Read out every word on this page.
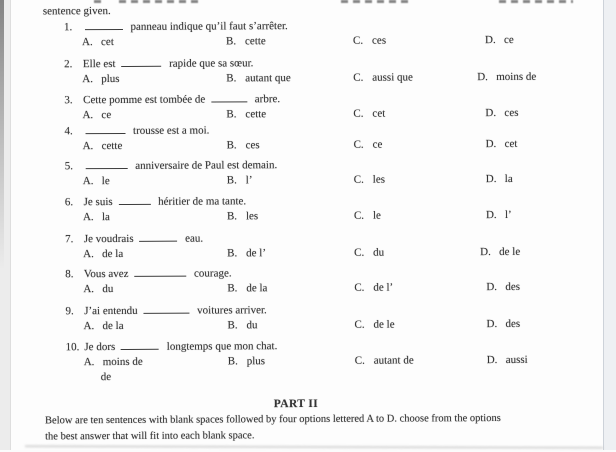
sentence given.
1.	panneau indique qu’il faut s’arrêter.
A. cet	B. cette	C. ces	D. ce
2. Elle est	rapide que sa sœur.
A. plus	B. autant que	C. aussi que	D. moins de
3. Cette pomme est tombée de	arbre.
A. ce	B. cette	C. cet	D. ces
4.	trousse est a moi.
A. cette	B. ces	C. ce	D. cet
5.	anniversaire de Paul est demain.
A. le	B. l’	C. les	D. la
6. Je suis	héritier de ma tante.
A. la	B. les	C. le	D. l’
7. Je voudrais	eau.
A. de la	B. de l’	C. du	D. de le
8. Vous avez	courage.
A. du	B. de la	C. de l’	D. des
9. J’ai entendu	voitures arriver.
A. de la	B. du	C. de le	D. des
10. Je dors	longtemps que mon chat.
A. moins de	B. plus	C. autant de	D. aussi
de
PART II
Below are ten sentences with blank spaces followed by four options lettered A to D. choose from the options the best answer that will fit into each blank space.
